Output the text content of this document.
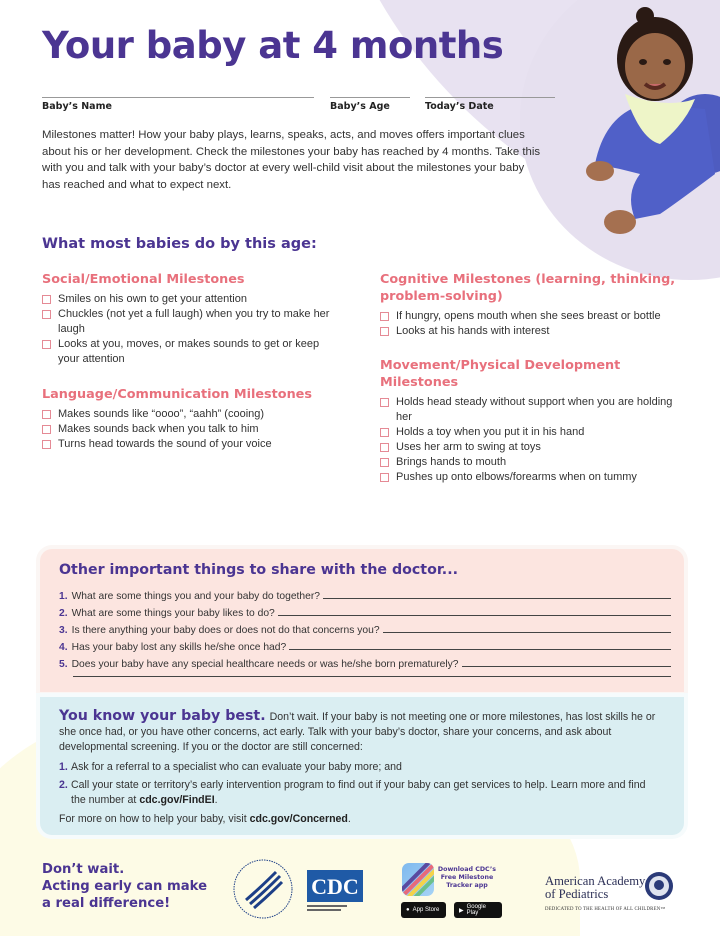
Your baby at 4 months
Baby’s Name	Baby’s Age	Today’s Date

Milestones matter! How your baby plays, learns, speaks, acts, and moves offers important clues about his or her development. Check the milestones your baby has reached by 4 months. Take this with you and talk with your baby’s doctor at every well-child visit about the milestones your baby has reached and what to expect next.

What most babies do by this age:
Social/Emotional Milestones
Smiles on his own to get your attention
Chuckles (not yet a full laugh) when you try to make her laugh
Looks at you, moves, or makes sounds to get or keep your attention
Language/Communication Milestones
Makes sounds like “oooo”, “aahh” (cooing)
Makes sounds back when you talk to him
Turns head towards the sound of your voice
Cognitive Milestones (learning, thinking, problem-solving)
If hungry, opens mouth when she sees breast or bottle
Looks at his hands with interest
Movement/Physical Development Milestones
Holds head steady without support when you are holding her
Holds a toy when you put it in his hand
Uses her arm to swing at toys
Brings hands to mouth
Pushes up onto elbows/forearms when on tummy
Other important things to share with the doctor...
1. What are some things you and your baby do together?
2. What are some things your baby likes to do?
3. Is there anything your baby does or does not do that concerns you?
4. Has your baby lost any skills he/she once had?
5. Does your baby have any special healthcare needs or was he/she born prematurely?

You know your baby best. Don’t wait. If your baby is not meeting one or more milestones, has lost skills he or she once had, or you have other concerns, act early. Talk with your baby’s doctor, share your concerns, and ask about developmental screening. If you or the doctor are still concerned:

1. Ask for a referral to a specialist who can evaluate your baby more; and
2. Call your state or territory’s early intervention program to find out if your baby can get services to help. Learn more and find the number at cdc.gov/FindEI.
For more on how to help your baby, visit cdc.gov/Concerned.
Don’t wait.
Acting early can make
a real difference!
CDC
Download CDC’s
Free Milestone
Tracker app
● App Store	▶
Google Play
American Academy
of Pediatrics
DEDICATED TO THE HEALTH OF ALL CHILDREN™
